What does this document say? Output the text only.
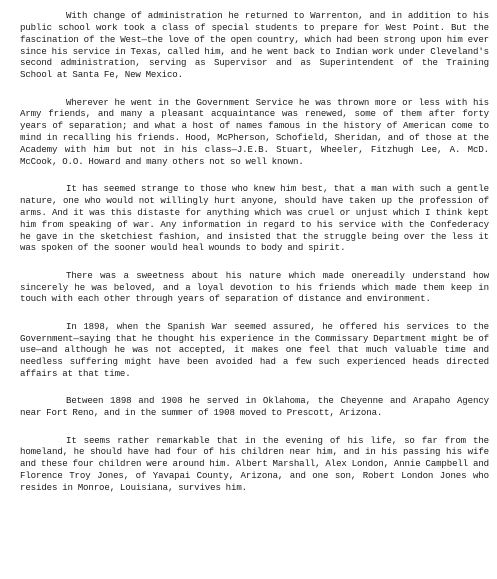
With change of administration he returned to Warrenton, and in addition to his public school work took a class of special students to prepare for West Point. But the fascination of the West—the love of the open country, which had been strong upon him ever since his service in Texas, called him, and he went back to Indian work under Cleveland's second administration, serving as Supervisor and as Superintendent of the Training School at Santa Fe, New Mexico.

Wherever he went in the Government Service he was thrown more or less with his Army friends, and many a pleasant acquaintance was renewed, some of them after forty years of separation; and what a host of names famous in the history of American come to mind in recalling his friends. Hood, McPherson, Schofield, Sheridan, and of those at the Academy with him but not in his class—J.E.B. Stuart, Wheeler, Fitzhugh Lee, A. McD. McCook, O.O. Howard and many others not so well known.

It has seemed strange to those who knew him best, that a man with such a gentle nature, one who would not willingly hurt anyone, should have taken up the profession of arms. And it was this distaste for anything which was cruel or unjust which I think kept him from speaking of war. Any information in regard to his service with the Confederacy he gave in the sketchiest fashion, and insisted that the struggle being over the less it was spoken of the sooner would heal wounds to body and spirit.

There was a sweetness about his nature which made onereadily understand how sincerely he was beloved, and a loyal devotion to his friends which made them keep in touch with each other through years of separation of distance and environment.

In 1898, when the Spanish War seemed assured, he offered his services to the Government—saying that he thought his experience in the Commissary Department might be of use—and although he was not accepted, it makes one feel that much valuable time and needless suffering might have been avoided had a few such experienced heads directed affairs at that time.

Between 1898 and 1908 he served in Oklahoma, the Cheyenne and Arapaho Agency near Fort Reno, and in the summer of 1908 moved to Prescott, Arizona.

It seems rather remarkable that in the evening of his life, so far from the homeland, he should have had four of his children near him, and in his passing his wife and these four children were around him. Albert Marshall, Alex London, Annie Campbell and Florence Troy Jones, of Yavapai County, Arizona, and one son, Robert London Jones who resides in Monroe, Louisiana, survives him.
